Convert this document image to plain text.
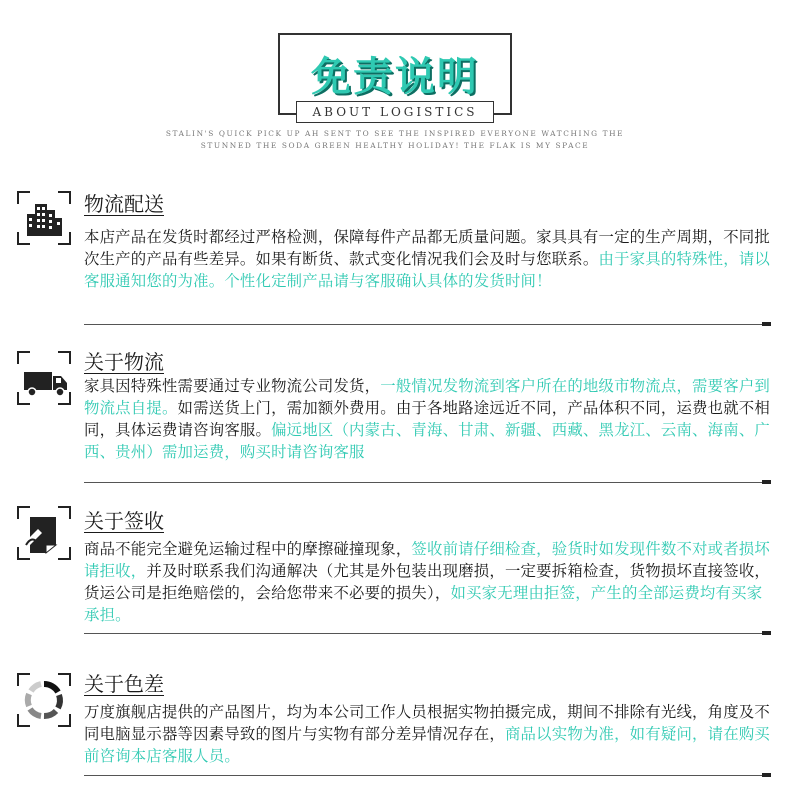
免责说明
ABOUT LOGISTICS
STALIN'S QUICK PICK UP AH SENT TO SEE THE INSPIRED EVERYONE WATCHING THE
STUNNED THE SODA GREEN HEALTHY HOLIDAY! THE FLAK IS MY SPACE
物流配送
本店产品在发货时都经过严格检测，保障每件产品都无质量问题。家具具有一定的生产周期，不同批次生产的产品有些差异。如果有断货、款式变化情况我们会及时与您联系。由于家具的特殊性，请以客服通知您的为准。个性化定制产品请与客服确认具体的发货时间！
关于物流
家具因特殊性需要通过专业物流公司发货，一般情况发物流到客户所在的地级市物流点，需要客户到物流点自提。如需送货上门，需加额外费用。由于各地路途远近不同，产品体积不同，运费也就不相同，具体运费请咨询客服。偏远地区（内蒙古、青海、甘肃、新疆、西藏、黑龙江、云南、海南、广西、贵州）需加运费，购买时请咨询客服
关于签收
商品不能完全避免运输过程中的摩擦碰撞现象，签收前请仔细检查，验货时如发现件数不对或者损坏请拒收，并及时联系我们沟通解决（尤其是外包装出现磨损，一定要拆箱检查，货物损坏直接签收，货运公司是拒绝赔偿的，会给您带来不必要的损失），如买家无理由拒签，产生的全部运费均有买家承担。
关于色差
万度旗舰店提供的产品图片，均为本公司工作人员根据实物拍摄完成，期间不排除有光线，角度及不同电脑显示器等因素导致的图片与实物有部分差异情况存在，商品以实物为准，如有疑问，请在购买前咨询本店客服人员。
